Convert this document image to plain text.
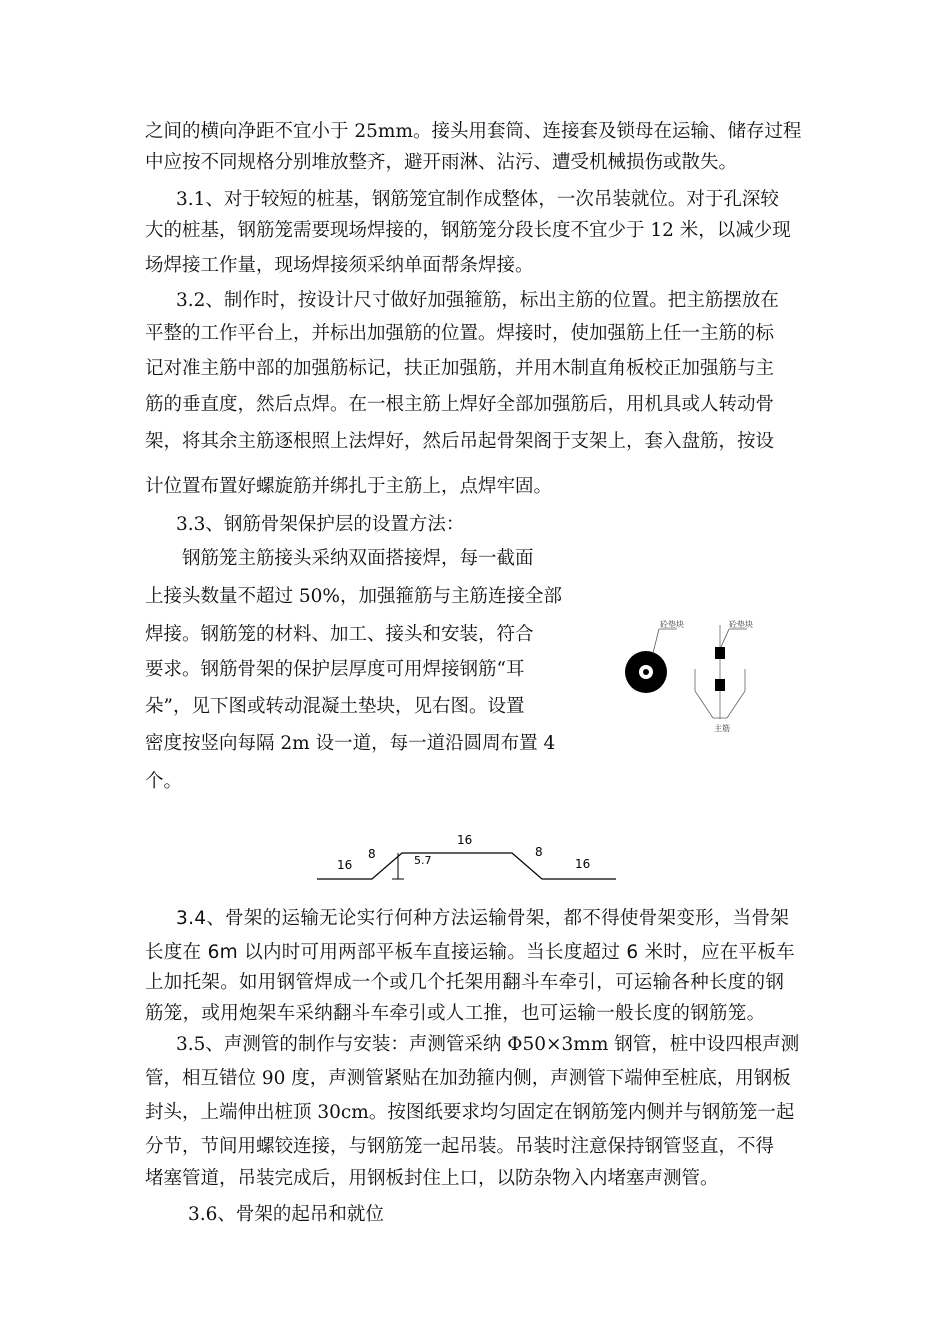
之间的横向净距不宜小于 25mm。接头用套筒、连接套及锁母在运输、储存过程
中应按不同规格分别堆放整齐，避开雨淋、沾污、遭受机械损伤或散失。
3.1、对于较短的桩基，钢筋笼宜制作成整体，一次吊装就位。对于孔深较
大的桩基，钢筋笼需要现场焊接的，钢筋笼分段长度不宜少于 12 米，以减少现
场焊接工作量，现场焊接须采纳单面帮条焊接。
3.2、制作时，按设计尺寸做好加强箍筋，标出主筋的位置。把主筋摆放在
平整的工作平台上，并标出加强筋的位置。焊接时，使加强筋上任一主筋的标
记对准主筋中部的加强筋标记，扶正加强筋，并用木制直角板校正加强筋与主
筋的垂直度，然后点焊。在一根主筋上焊好全部加强筋后，用机具或人转动骨
架，将其余主筋逐根照上法焊好，然后吊起骨架阁于支架上，套入盘筋，按设
计位置布置好螺旋筋并绑扎于主筋上，点焊牢固。
3.3、钢筋骨架保护层的设置方法：
钢筋笼主筋接头采纳双面搭接焊，每一截面
上接头数量不超过 50%，加强箍筋与主筋连接全部
焊接。钢筋笼的材料、加工、接头和安装，符合
要求。钢筋骨架的保护层厚度可用焊接钢筋“耳
朵”，见下图或转动混凝土垫块，见右图。设置
密度按竖向每隔 2m 设一道，每一道沿圆周布置 4
个。
砼垫块	砼垫块
主筋
16
8	5.7
16
8
16
3.4、骨架的运输无论实行何种方法运输骨架，都不得使骨架变形，当骨架
长度在 6m 以内时可用两部平板车直接运输。当长度超过 6 米时，应在平板车
上加托架。如用钢管焊成一个或几个托架用翻斗车牵引，可运输各种长度的钢
筋笼，或用炮架车采纳翻斗车牵引或人工推，也可运输一般长度的钢筋笼。
3.5、声测管的制作与安装：声测管采纳 Φ50×3mm 钢管，桩中设四根声测
管，相互错位 90 度，声测管紧贴在加劲箍内侧，声测管下端伸至桩底，用钢板
封头，上端伸出桩顶 30cm。按图纸要求均匀固定在钢筋笼内侧并与钢筋笼一起
分节，节间用螺铰连接，与钢筋笼一起吊装。吊装时注意保持钢管竖直，不得
堵塞管道，吊装完成后，用钢板封住上口，以防杂物入内堵塞声测管。
3.6、骨架的起吊和就位
